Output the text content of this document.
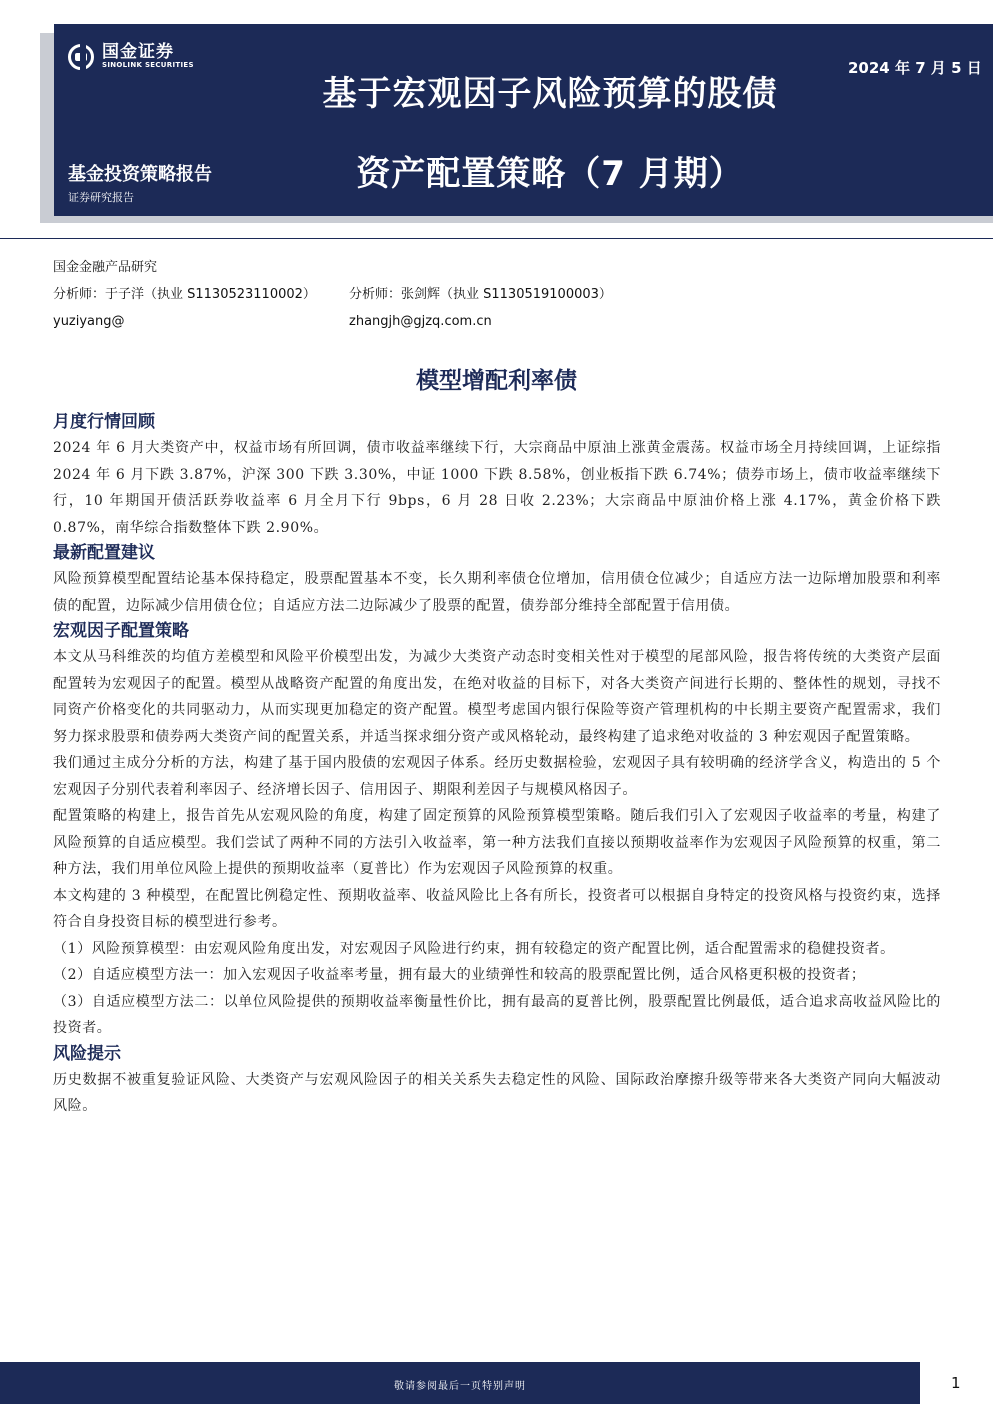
国金证券
SINOLINK SECURITIES	2024 年 7 月 5 日
基于宏观因子风险预算的股债
资产配置策略（7 月期）
基金投资策略报告
证券研究报告
国金金融产品研究
分析师：于子洋（执业 S1130523110002）	分析师：张剑辉（执业 S1130519100003）
yuziyang@	zhangjh@gjzq.com.cn
模型增配利率债
月度行情回顾

2024 年 6 月大类资产中，权益市场有所回调，债市收益率继续下行，大宗商品中原油上涨黄金震荡。权益市场全月持续回调，上证综指 2024 年 6 月下跌 3.87%，沪深 300 下跌 3.30%，中证 1000 下跌 8.58%，创业板指下跌 6.74%；债券市场上，债市收益率继续下行，10 年期国开债活跃券收益率 6 月全月下行 9bps，6 月 28 日收 2.23%；大宗商品中原油价格上涨 4.17%，黄金价格下跌 0.87%，南华综合指数整体下跌 2.90%。

最新配置建议

风险预算模型配置结论基本保持稳定，股票配置基本不变，长久期利率债仓位增加，信用债仓位减少；自适应方法一边际增加股票和利率债的配置，边际减少信用债仓位；自适应方法二边际减少了股票的配置，债券部分维持全部配置于信用债。

宏观因子配置策略

本文从马科维茨的均值方差模型和风险平价模型出发，为减少大类资产动态时变相关性对于模型的尾部风险，报告将传统的大类资产层面配置转为宏观因子的配置。模型从战略资产配置的角度出发，在绝对收益的目标下，对各大类资产间进行长期的、整体性的规划，寻找不同资产价格变化的共同驱动力，从而实现更加稳定的资产配置。模型考虑国内银行保险等资产管理机构的中长期主要资产配置需求，我们努力探求股票和债券两大类资产间的配置关系，并适当探求细分资产或风格轮动，最终构建了追求绝对收益的 3 种宏观因子配置策略。

我们通过主成分分析的方法，构建了基于国内股债的宏观因子体系。经历史数据检验，宏观因子具有较明确的经济学含义，构造出的 5 个宏观因子分别代表着利率因子、经济增长因子、信用因子、期限利差因子与规模风格因子。

配置策略的构建上，报告首先从宏观风险的角度，构建了固定预算的风险预算模型策略。随后我们引入了宏观因子收益率的考量，构建了风险预算的自适应模型。我们尝试了两种不同的方法引入收益率，第一种方法我们直接以预期收益率作为宏观因子风险预算的权重，第二种方法，我们用单位风险上提供的预期收益率（夏普比）作为宏观因子风险预算的权重。

本文构建的 3 种模型，在配置比例稳定性、预期收益率、收益风险比上各有所长，投资者可以根据自身特定的投资风格与投资约束，选择符合自身投资目标的模型进行参考。

（1）风险预算模型：由宏观风险角度出发，对宏观因子风险进行约束，拥有较稳定的资产配置比例，适合配置需求的稳健投资者。

（2）自适应模型方法一：加入宏观因子收益率考量，拥有最大的业绩弹性和较高的股票配置比例，适合风格更积极的投资者；

（3）自适应模型方法二：以单位风险提供的预期收益率衡量性价比，拥有最高的夏普比例，股票配置比例最低，适合追求高收益风险比的投资者。

风险提示

历史数据不被重复验证风险、大类资产与宏观风险因子的相关关系失去稳定性的风险、国际政治摩擦升级等带来各大类资产同向大幅波动风险。

敬请参阅最后一页特别声明	1
